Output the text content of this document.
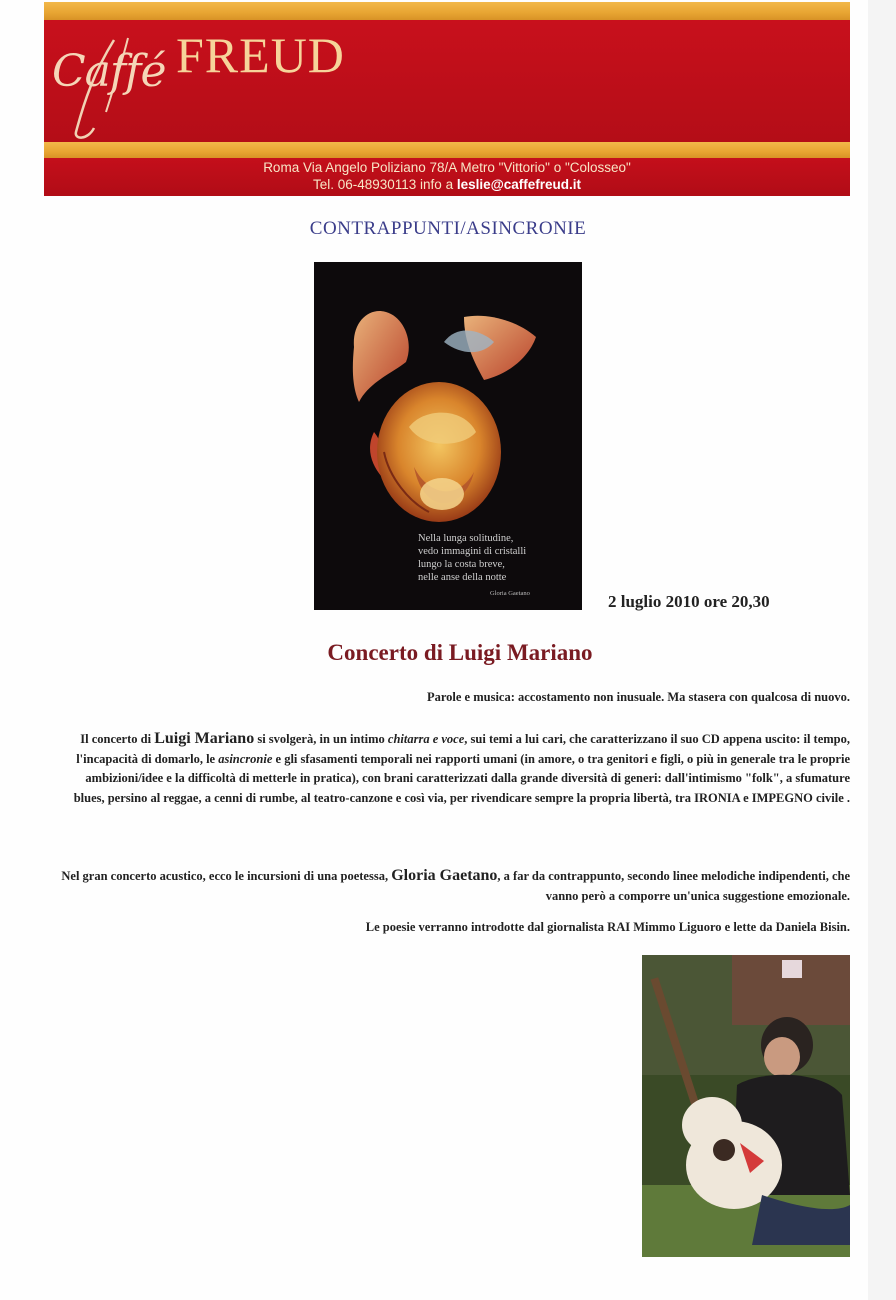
Caffé FREUD
Roma Via Angelo Poliziano 78/A Metro "Vittorio" o "Colosseo"
Tel. 06-48930113 info a leslie@caffefreud.it
CONTRAPPUNTI/ASINCRONIE
Nella lunga solitudine,
vedo immagini di cristalli
lungo la costa breve,
nelle anse della notte
Gloria Gaetano	2 luglio 2010 ore 20,30
Concerto di Luigi Mariano
Parole e musica: accostamento non inusuale. Ma stasera con qualcosa di nuovo.
Il concerto di Luigi Mariano si svolgerà, in un intimo chitarra e voce, sui temi a lui cari, che caratterizzano il suo CD appena uscito: il tempo, l'incapacità di domarlo, le asincronie e gli sfasamenti temporali nei rapporti umani (in amore, o tra genitori e figli, o più in generale tra le proprie ambizioni/idee e la difficoltà di metterle in pratica), con brani caratterizzati dalla grande diversità di generi: dall'intimismo "folk", a sfumature blues, persino al reggae, a cenni di rumbe, al teatro-canzone e così via, per rivendicare sempre la propria libertà, tra IRONIA e IMPEGNO civile .
Nel gran concerto acustico, ecco le incursioni di una poetessa, Gloria Gaetano, a far da contrappunto, secondo linee melodiche indipendenti, che vanno però a comporre un'unica suggestione emozionale.
Le poesie verranno introdotte dal giornalista RAI Mimmo Liguoro e lette da Daniela Bisin.
